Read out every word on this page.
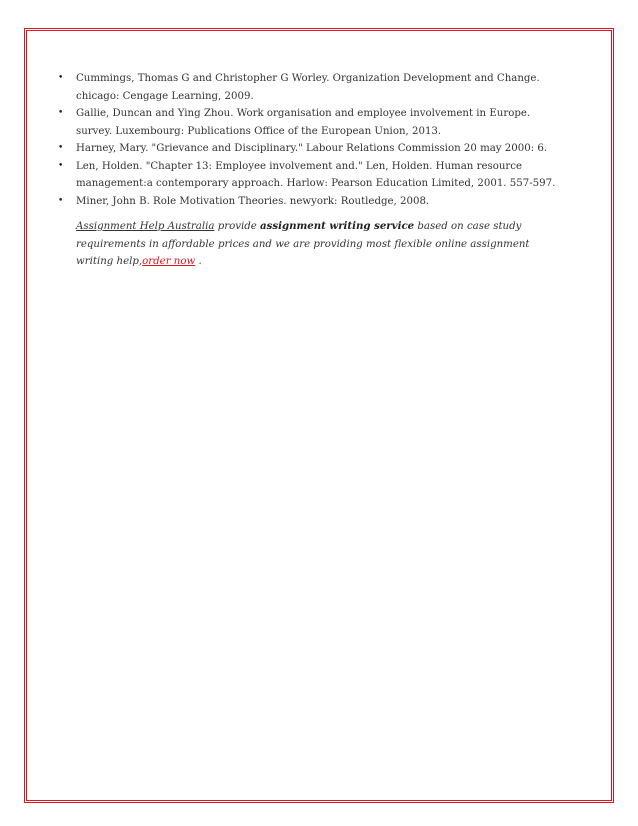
• Cummings, Thomas G and Christopher G Worley. Organization Development and Change. chicago: Cengage Learning, 2009.
• Gallie, Duncan and Ying Zhou. Work organisation and employee involvement in Europe. survey. Luxembourg: Publications Office of the European Union, 2013.
• Harney, Mary. "Grievance and Disciplinary." Labour Relations Commission 20 may 2000: 6.
• Len, Holden. "Chapter 13: Employee involvement and." Len, Holden. Human resource management:a contemporary approach. Harlow: Pearson Education Limited, 2001. 557-597.
• Miner, John B. Role Motivation Theories. newyork: Routledge, 2008.

Assignment Help Australia provide assignment writing service based on case study requirements in affordable prices and we are providing most flexible online assignment writing help,order now .
